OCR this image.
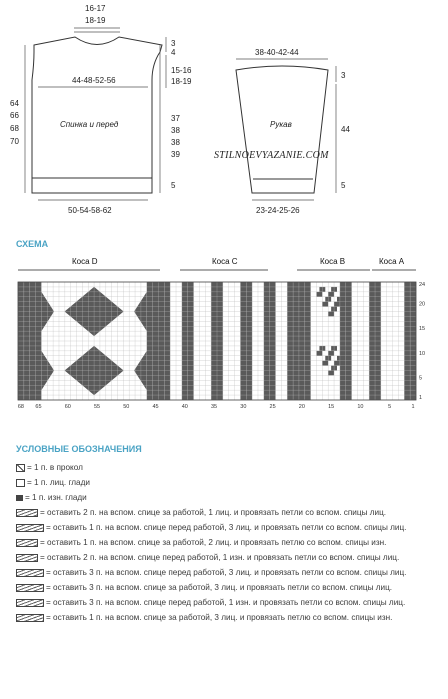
16-17
18-19
3
4
15-16
18-19
44-48-52-56
Спинка и перед
64
66
68
70
37
38
38
39
5
50-54-58-62
38-40-42-44
3
Рукав
44
5
23-24-25-26
STILNOEVYAZANIE.COM
СХЕМА
Коса D	Коса C	Коса B	Коса A
24
20
15
10
5
1
68 65	60	55	50	45	40	35	30	25	20	15	10	5	1
УСЛОВНЫЕ ОБОЗНАЧЕНИЯ
= 1 п. в прокол
= 1 п. лиц. глади
= 1 п. изн. глади
= оставить 2 п. на вспом. спице за работой, 1 лиц. и провязать петли со вспом. спицы лиц.
= оставить 1 п. на вспом. спице перед работой, 3 лиц. и провязать петли со вспом. спицы лиц.
= оставить 1 п. на вспом. спице за работой, 2 лиц. и провязать петлю со вспом. спицы изн.
= оставить 2 п. на вспом. спице перед работой, 1 изн. и провязать петли со вспом. спицы лиц.
= оставить 3 п. на вспом. спице перед работой, 3 лиц. и провязать петли со вспом. спицы лиц.
= оставить 3 п. на вспом. спице за работой, 3 лиц. и провязать петли со вспом. спицы лиц.
= оставить 3 п. на вспом. спице перед работой, 1 изн. и провязать петли со вспом. спицы лиц.
= оставить 1 п. на вспом. спице за работой, 3 лиц. и провязать петлю со вспом. спицы изн.
